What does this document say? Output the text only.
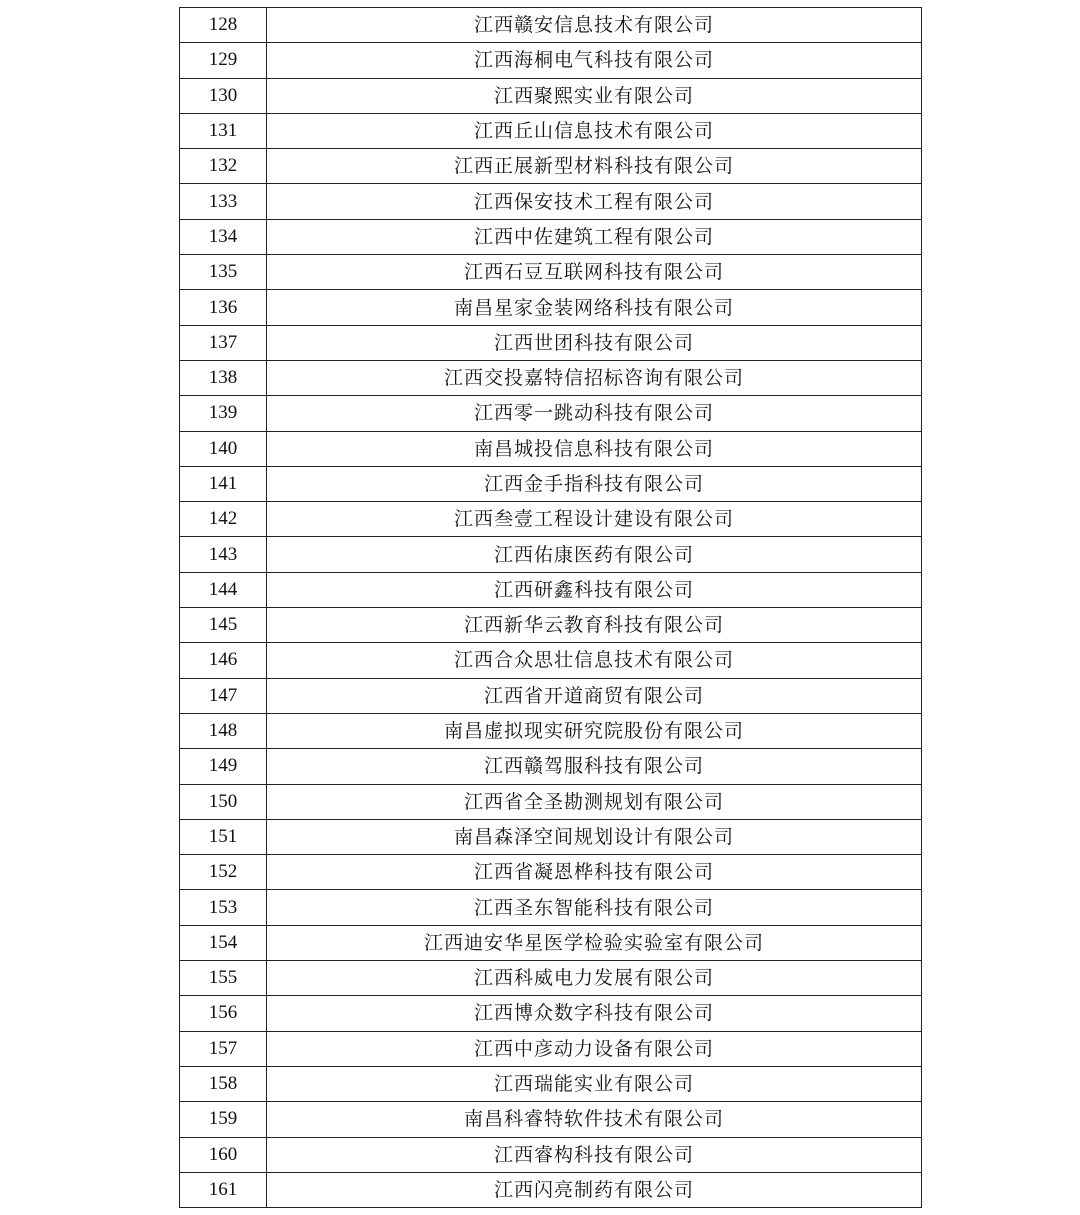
128	江西赣安信息技术有限公司
129	江西海桐电气科技有限公司
130	江西聚熙实业有限公司
131	江西丘山信息技术有限公司
132	江西正展新型材料科技有限公司
133	江西保安技术工程有限公司
134	江西中佐建筑工程有限公司
135	江西石豆互联网科技有限公司
136	南昌星家金装网络科技有限公司
137	江西世团科技有限公司
138	江西交投嘉特信招标咨询有限公司
139	江西零一跳动科技有限公司
140	南昌城投信息科技有限公司
141	江西金手指科技有限公司
142	江西叁壹工程设计建设有限公司
143	江西佑康医药有限公司
144	江西研鑫科技有限公司
145	江西新华云教育科技有限公司
146	江西合众思壮信息技术有限公司
147	江西省开道商贸有限公司
148	南昌虚拟现实研究院股份有限公司
149	江西赣驾服科技有限公司
150	江西省全圣勘测规划有限公司
151	南昌森泽空间规划设计有限公司
152	江西省凝恩桦科技有限公司
153	江西圣东智能科技有限公司
154	江西迪安华星医学检验实验室有限公司
155	江西科威电力发展有限公司
156	江西博众数字科技有限公司
157	江西中彦动力设备有限公司
158	江西瑞能实业有限公司
159	南昌科睿特软件技术有限公司
160	江西睿构科技有限公司
161	江西闪亮制药有限公司
